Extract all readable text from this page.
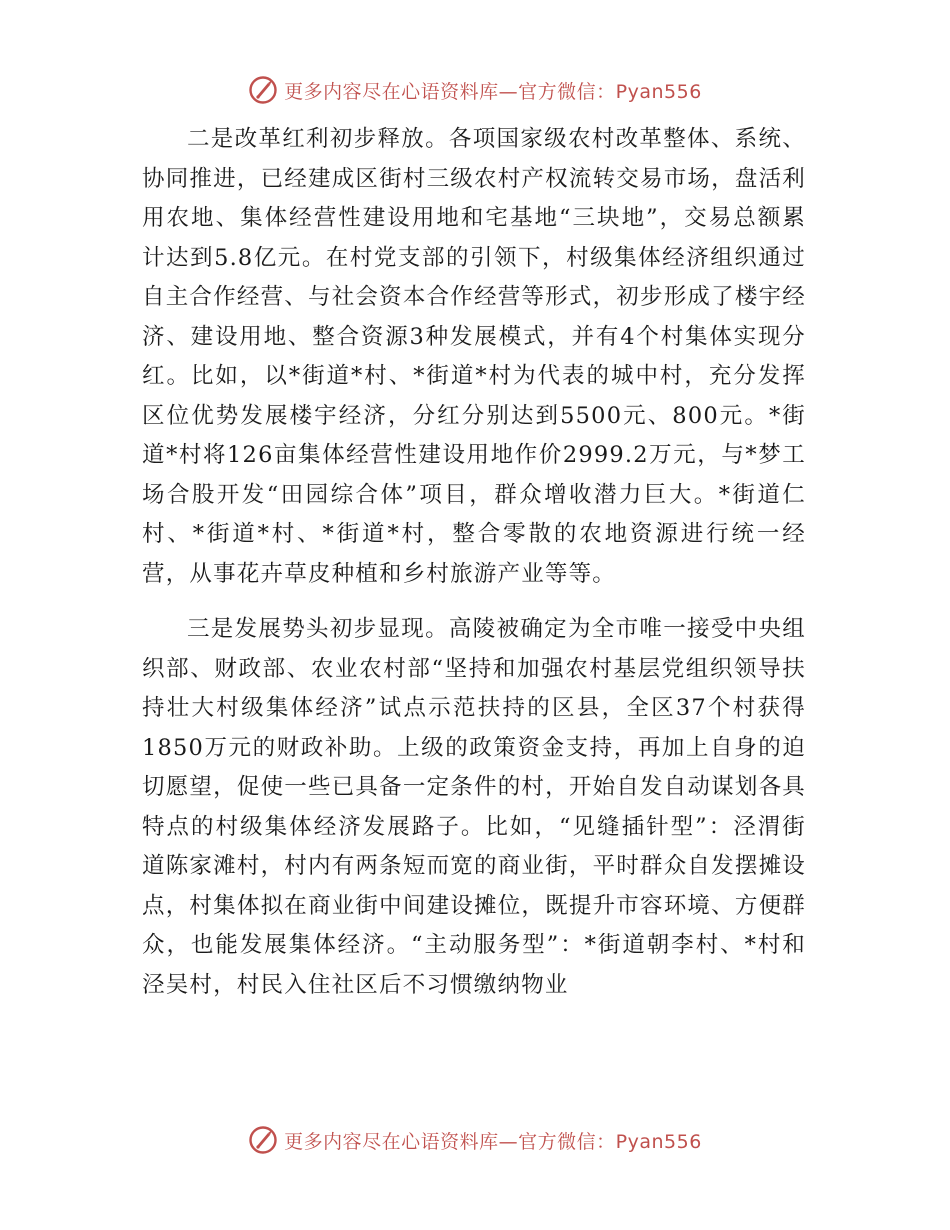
更多内容尽在心语资料库—官方微信：Pyan556

二是改革红利初步释放。各项国家级农村改革整体、系统、协同推进，已经建成区街村三级农村产权流转交易市场，盘活利用农地、集体经营性建设用地和宅基地“三块地”，交易总额累计达到5.8亿元。在村党支部的引领下，村级集体经济组织通过自主合作经营、与社会资本合作经营等形式，初步形成了楼宇经济、建设用地、整合资源3种发展模式，并有4个村集体实现分红。比如，以*街道*村、*街道*村为代表的城中村，充分发挥区位优势发展楼宇经济，分红分别达到5500元、800元。*街道*村将126亩集体经营性建设用地作价2999.2万元，与*梦工场合股开发“田园综合体”项目，群众增收潜力巨大。*街道仁村、*街道*村、*街道*村，整合零散的农地资源进行统一经营，从事花卉草皮种植和乡村旅游产业等等。

三是发展势头初步显现。高陵被确定为全市唯一接受中央组织部、财政部、农业农村部“坚持和加强农村基层党组织领导扶持壮大村级集体经济”试点示范扶持的区县，全区37个村获得1850万元的财政补助。上级的政策资金支持，再加上自身的迫切愿望，促使一些已具备一定条件的村，开始自发自动谋划各具特点的村级集体经济发展路子。比如，“见缝插针型”：泾渭街道陈家滩村，村内有两条短而宽的商业街，平时群众自发摆摊设点，村集体拟在商业街中间建设摊位，既提升市容环境、方便群众，也能发展集体经济。“主动服务型”：*街道朝李村、*村和泾吴村，村民入住社区后不习惯缴纳物业

更多内容尽在心语资料库—官方微信：Pyan556
